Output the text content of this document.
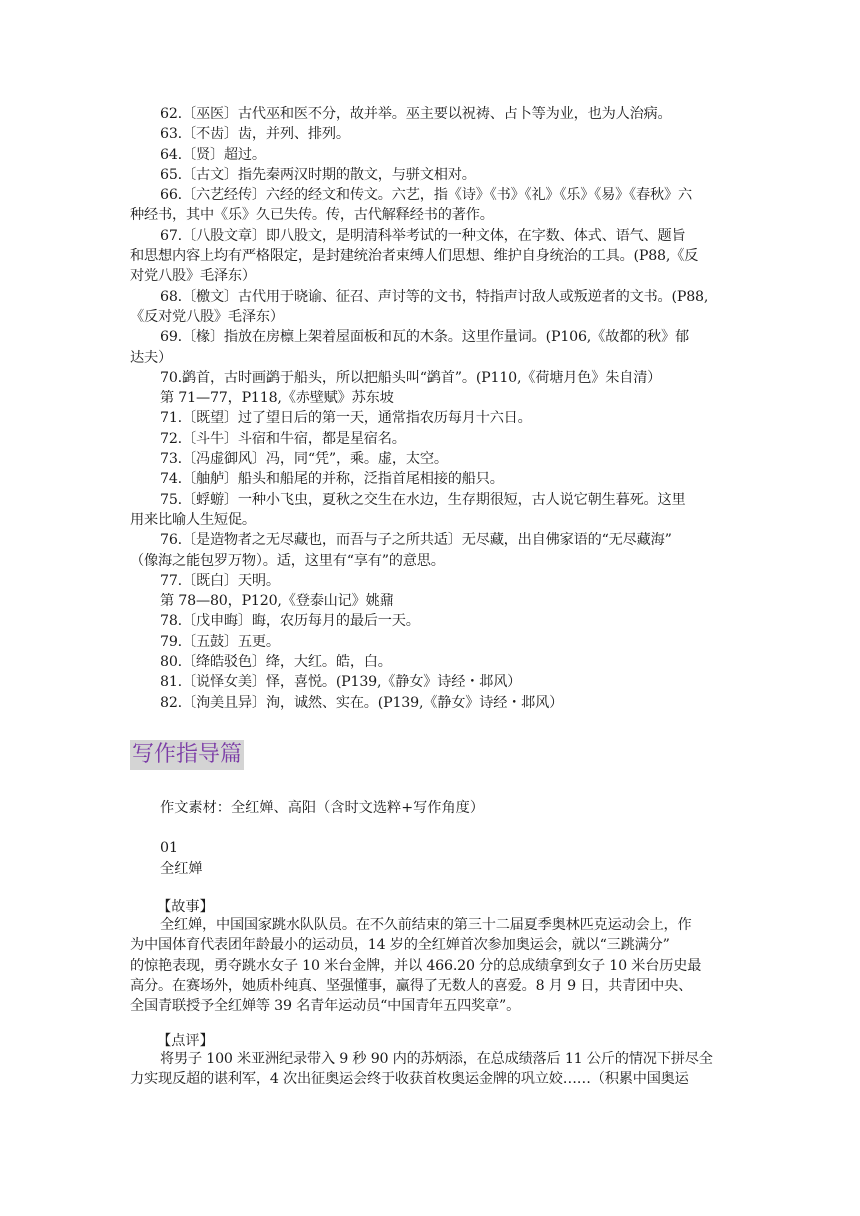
62.〔巫医〕古代巫和医不分，故并举。巫主要以祝祷、占卜等为业，也为人治病。
63.〔不齿〕齿，并列、排列。
64.〔贤〕超过。
65.〔古文〕指先秦两汉时期的散文，与骈文相对。
66.〔六艺经传〕六经的经文和传文。六艺，指《诗》《书》《礼》《乐》《易》《春秋》六
种经书，其中《乐》久已失传。传，古代解释经书的著作。
67.〔八股文章〕即八股文，是明清科举考试的一种文体，在字数、体式、语气、题旨
和思想内容上均有严格限定，是封建统治者束缚人们思想、维护自身统治的工具。(P88,《反
对党八股》毛泽东）
68.〔檄文〕古代用于晓谕、征召、声讨等的文书，特指声讨敌人或叛逆者的文书。(P88,
《反对党八股》毛泽东）
69.〔椽〕指放在房檩上架着屋面板和瓦的木条。这里作量词。(P106,《故都的秋》郁
达夫）
70.鹢首，古时画鹢于船头，所以把船头叫“鹢首”。(P110,《荷塘月色》朱自清）
第 71—77，P118,《赤壁赋》苏东坡
71.〔既望〕过了望日后的第一天，通常指农历每月十六日。
72.〔斗牛〕斗宿和牛宿，都是星宿名。
73.〔冯虚御风〕冯，同“凭”，乘。虚，太空。
74.〔舳舻〕船头和船尾的并称，泛指首尾相接的船只。
75.〔蜉蝣〕一种小飞虫，夏秋之交生在水边，生存期很短，古人说它朝生暮死。这里
用来比喻人生短促。
76.〔是造物者之无尽藏也，而吾与子之所共适〕无尽藏，出自佛家语的“无尽藏海”
（像海之能包罗万物）。适，这里有“享有”的意思。
77.〔既白〕天明。
第 78—80，P120,《登泰山记》姚鼐
78.〔戊申晦〕晦，农历每月的最后一天。
79.〔五鼓〕五更。
80.〔绛皓驳色〕绛，大红。皓，白。
81.〔说怿女美〕怿，喜悦。(P139,《静女》诗经・邶风）
82.〔洵美且异〕洵，诚然、实在。(P139,《静女》诗经・邶风）
写作指导篇
作文素材：全红婵、高阳（含时文选粹+写作角度）
01
全红婵
【故事】
全红婵，中国国家跳水队队员。在不久前结束的第三十二届夏季奥林匹克运动会上，作
为中国体育代表团年龄最小的运动员，14 岁的全红婵首次参加奥运会，就以“三跳满分”
的惊艳表现，勇夺跳水女子 10 米台金牌，并以 466.20 分的总成绩拿到女子 10 米台历史最
高分。在赛场外，她质朴纯真、坚强懂事，赢得了无数人的喜爱。8 月 9 日，共青团中央、
全国青联授予全红婵等 39 名青年运动员“中国青年五四奖章”。
【点评】
将男子 100 米亚洲纪录带入 9 秒 90 内的苏炳添，在总成绩落后 11 公斤的情况下拼尽全
力实现反超的谌利军，4 次出征奥运会终于收获首枚奥运金牌的巩立姣……（积累中国奥运
